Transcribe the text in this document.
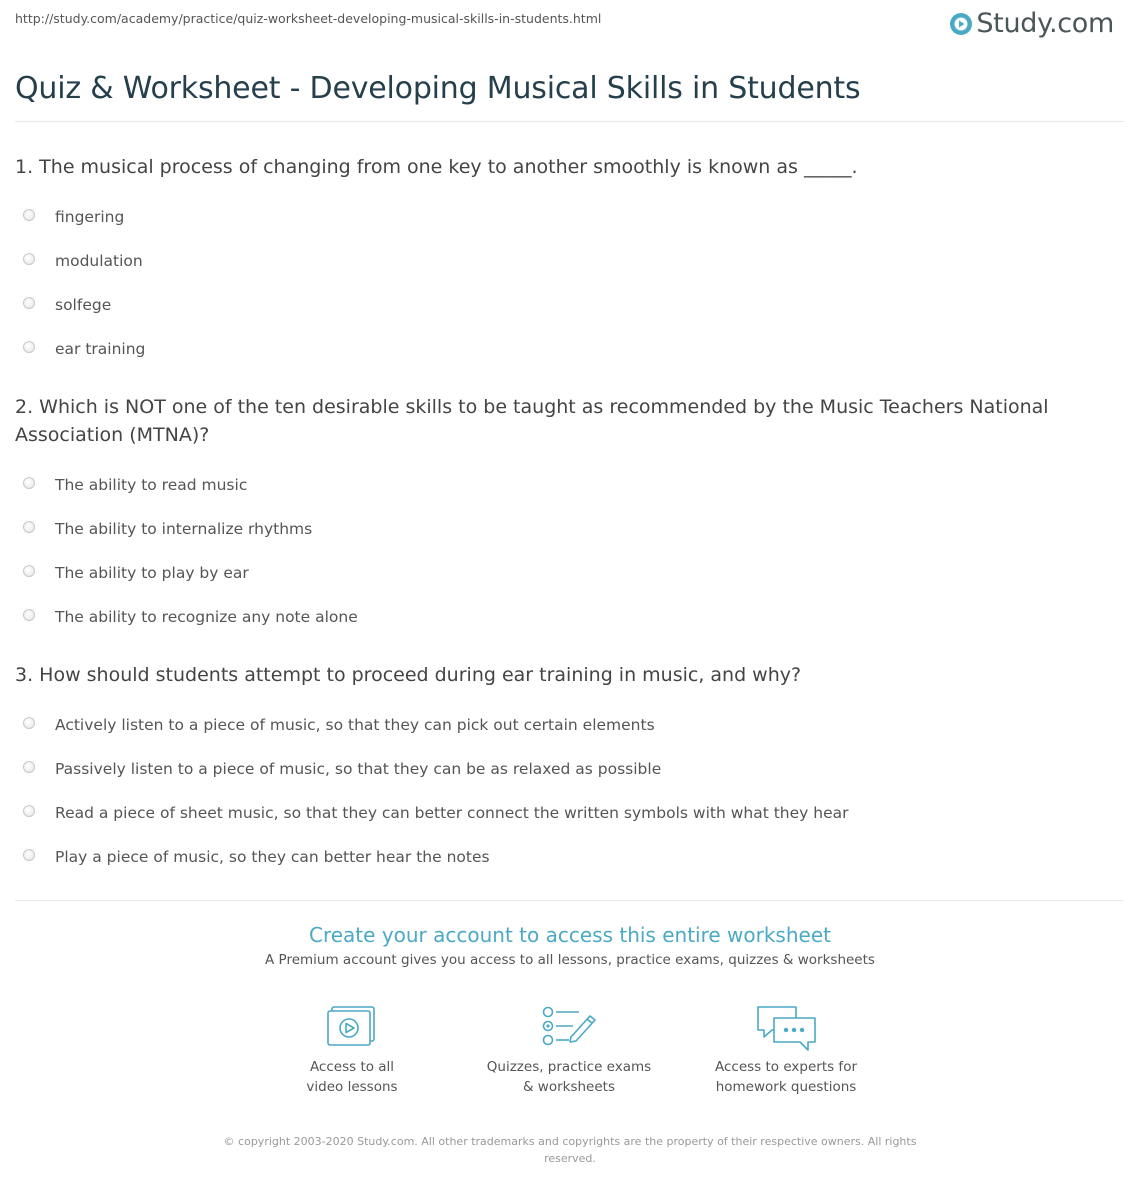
http://study.com/academy/practice/quiz-worksheet-developing-musical-skills-in-students.html	Study.com
Quiz & Worksheet - Developing Musical Skills in Students
1. The musical process of changing from one key to another smoothly is known as _____.
fingering
modulation
solfege
ear training
2. Which is NOT one of the ten desirable skills to be taught as recommended by the Music Teachers National Association (MTNA)?
The ability to read music
The ability to internalize rhythms
The ability to play by ear
The ability to recognize any note alone
3. How should students attempt to proceed during ear training in music, and why?
Actively listen to a piece of music, so that they can pick out certain elements
Passively listen to a piece of music, so that they can be as relaxed as possible
Read a piece of sheet music, so that they can better connect the written symbols with what they hear
Play a piece of music, so they can better hear the notes
Create your account to access this entire worksheet
A Premium account gives you access to all lessons, practice exams, quizzes & worksheets
Access to all
video lessons
Quizzes, practice exams
& worksheets
Access to experts for
homework questions
© copyright 2003-2020 Study.com. All other trademarks and copyrights are the property of their respective owners. All rights reserved.
